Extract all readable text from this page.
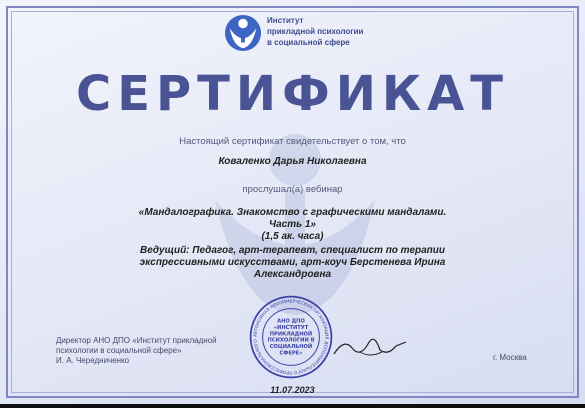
Институт
прикладной психологии
в социальной сфере
СЕРТИФИКАТ
Настоящий сертификат свидетельствует о том, что
Коваленко Дарья Николаевна
прослушал(а) вебинар
«Мандалографика. Знакомство с графическими мандалами.
Часть 1»
(1,5 ак. часа)
Ведущий: Педагог, арт-терапевт, специалист по терапии экспрессивными искусствами, арт-коуч Берстенева Ирина Александровна
АВТОНОМНАЯ НЕКОММЕРЧЕСКАЯ ОРГАНИЗАЦИЯ ДОПОЛНИТЕЛЬНОГО ПРОФЕССИОНАЛЬНОГО
АНО ДПО
«ИНСТИТУТ
ПРИКЛАДНОЙ
ПСИХОЛОГИИ В
СОЦИАЛЬНОЙ
СФЕРЕ»
Директор АНО ДПО «Институт прикладной
психологии в социальной сфере»
И. А. Чередниченко	г. Москва
11.07.2023
